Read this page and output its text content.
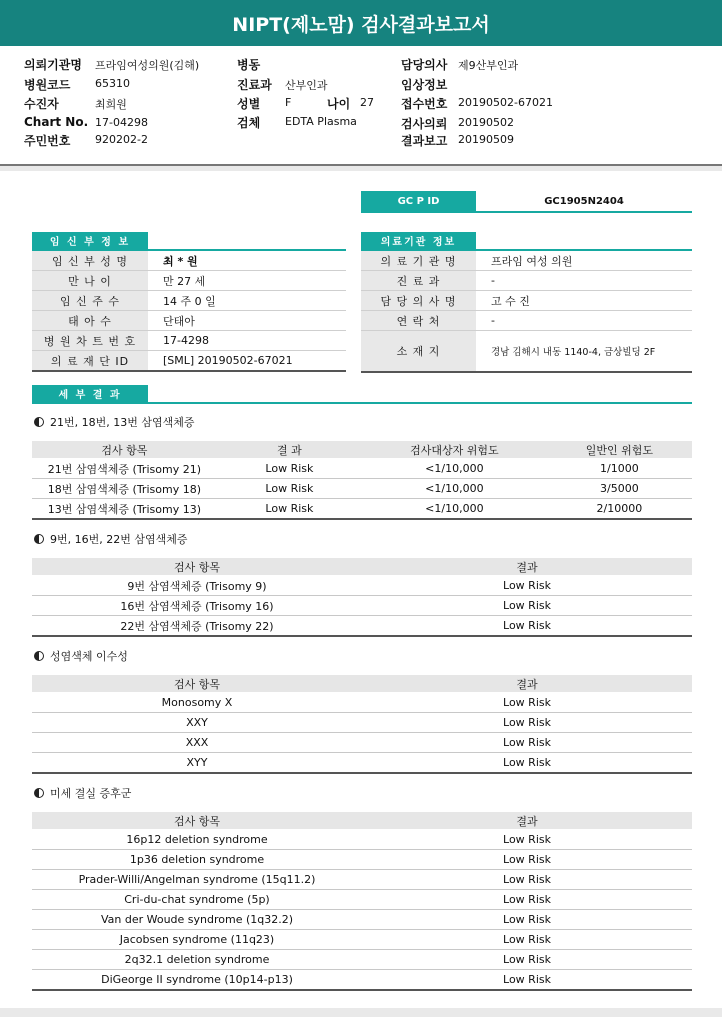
NIPT(제노맘) 검사결과보고서
의뢰기관명 프라임여성의원(김해)
병원코드 65310
수진자	최희원
Chart No. 17-04298
주민번호 920202-2
병동
진료과 산부인과
성별 F	나이 27
검체 EDTA Plasma
담당의사 제9산부인과
임상정보
접수번호 20190502-67021
검사의뢰 20190502
결과보고 20190509
GC P ID	GC1905N2404
임 신 부 정 보
임 신 부 성 명	최 * 원
만 나 이	만 27 세
임 신 주 수	14 주 0 일
태 아 수	단태아
병 원 차 트 번 호	17-4298
의 료 재 단 ID	[SML] 20190502-67021
의료기관 정보
의 료 기 관 명	프라임 여성 의원
진 료 과	-
담 당 의 사 명	고 수 진
연 락 처	-
소 재 지	경남 김해시 내동 1140-4, 금상빌딩 2F
세 부 결 과
21번, 18번, 13번 삼염색체증
검사 항목	결 과	검사대상자 위험도	일반인 위험도
21번 삼염색체증 (Trisomy 21)	Low Risk	<1/10,000	1/1000
18번 삼염색체증 (Trisomy 18)	Low Risk	<1/10,000	3/5000
13번 삼염색체증 (Trisomy 13)	Low Risk	<1/10,000	2/10000
9번, 16번, 22번 삼염색체증
검사 항목	결과
9번 삼염색체증 (Trisomy 9)	Low Risk
16번 삼염색체증 (Trisomy 16)	Low Risk
22번 삼염색체증 (Trisomy 22)	Low Risk
성염색체 이수성
검사 항목	결과
Monosomy X	Low Risk
XXY	Low Risk
XXX	Low Risk
XYY	Low Risk
미세 결실 증후군
검사 항목	결과
16p12 deletion syndrome	Low Risk
1p36 deletion syndrome	Low Risk
Prader-Willi/Angelman syndrome (15q11.2)	Low Risk
Cri-du-chat syndrome (5p)	Low Risk
Van der Woude syndrome (1q32.2)	Low Risk
Jacobsen syndrome (11q23)	Low Risk
2q32.1 deletion syndrome	Low Risk
DiGeorge II syndrome (10p14-p13)	Low Risk
